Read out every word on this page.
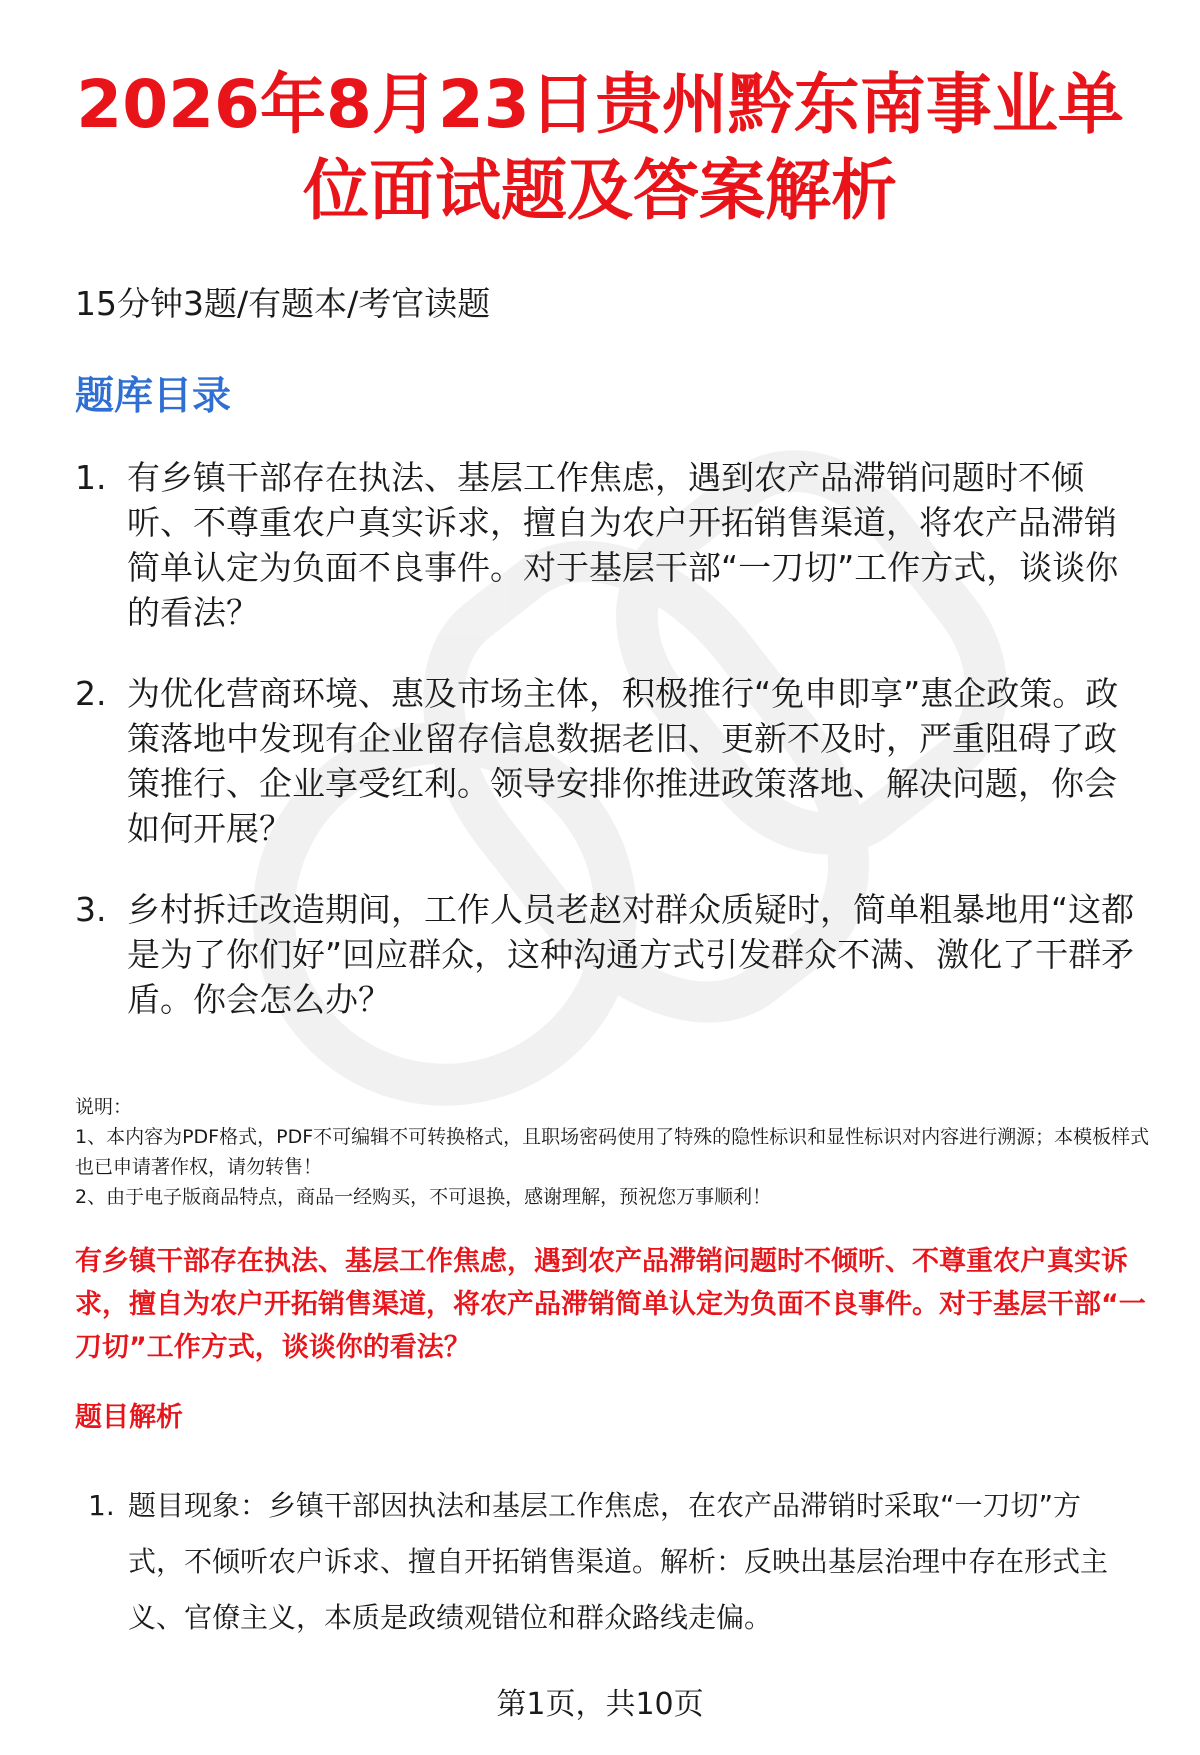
2026年8月23日贵州黔东南事业单位面试题及答案解析

15分钟3题/有题本/考官读题

题库目录
1. 有乡镇干部存在执法、基层工作焦虑，遇到农产品滞销问题时不倾听、不尊重农户真实诉求，擅自为农户开拓销售渠道，将农产品滞销简单认定为负面不良事件。对于基层干部“一刀切”工作方式，谈谈你的看法？
2. 为优化营商环境、惠及市场主体，积极推行“免申即享”惠企政策。政策落地中发现有企业留存信息数据老旧、更新不及时，严重阻碍了政策推行、企业享受红利。领导安排你推进政策落地、解决问题，你会如何开展？
3. 乡村拆迁改造期间，工作人员老赵对群众质疑时，简单粗暴地用“这都是为了你们好”回应群众，这种沟通方式引发群众不满、激化了干群矛盾。你会怎么办？

说明：

1、本内容为PDF格式，PDF不可编辑不可转换格式，且职场密码使用了特殊的隐性标识和显性标识对内容进行溯源；本模板样式也已申请著作权，请勿转售！

2、由于电子版商品特点，商品一经购买，不可退换，感谢理解，预祝您万事顺利！

有乡镇干部存在执法、基层工作焦虑，遇到农产品滞销问题时不倾听、不尊重农户真实诉求，擅自为农户开拓销售渠道，将农产品滞销简单认定为负面不良事件。对于基层干部“一刀切”工作方式，谈谈你的看法？

题目解析
1. 题目现象：乡镇干部因执法和基层工作焦虑，在农产品滞销时采取“一刀切”方式，不倾听农户诉求、擅自开拓销售渠道。解析：反映出基层治理中存在形式主义、官僚主义，本质是政绩观错位和群众路线走偏。
第1页，共10页
